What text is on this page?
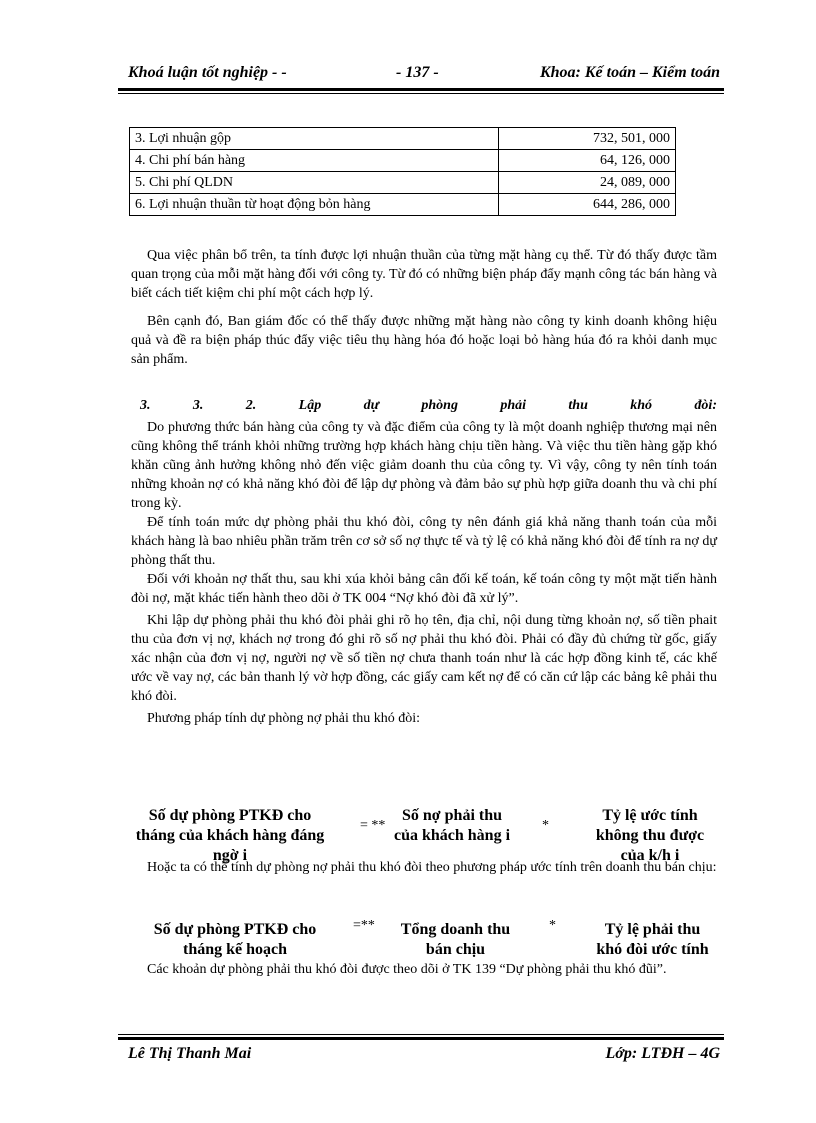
Khoá luận tốt nghiệp - -	- 137 -	Khoa: Kế toán – Kiểm toán
3. Lợi nhuận gộp	732, 501, 000
4. Chi phí bán hàng	64, 126, 000
5. Chi phí QLDN	24, 089, 000
6. Lợi nhuận thuần từ hoạt động bỏn hàng	644, 286, 000

Qua việc phân bổ trên, ta tính được lợi nhuận thuần của từng mặt hàng cụ thể. Từ đó thấy được tầm quan trọng của mỗi mặt hàng đối với công ty. Từ đó có những biện pháp đẩy mạnh công tác bán hàng và biết cách tiết kiệm chi phí một cách hợp lý.

Bên cạnh đó, Ban giám đốc có thể thấy được những mặt hàng nào công ty kinh doanh không hiệu quả và đề ra biện pháp thúc đẩy việc tiêu thụ hàng hóa đó hoặc loại bỏ hàng húa đó ra khỏi danh mục sản phẩm.

3. 3. 2. Lập dự phòng phải thu khó đòi:

Do phương thức bán hàng của công ty và đặc điểm của công ty là một doanh nghiệp thương mại nên cũng không thể tránh khỏi những trường hợp khách hàng chịu tiền hàng. Và việc thu tiền hàng gặp khó khăn cũng ảnh hưởng không nhỏ đến việc giảm doanh thu của công ty. Vì vậy, công ty nên tính toán những khoản nợ có khả năng khó đòi để lập dự phòng và đảm bảo sự phù hợp giữa doanh thu và chi phí trong kỳ.

Để tính toán mức dự phòng phải thu khó đòi, công ty nên đánh giá khả năng thanh toán của mỗi khách hàng là bao nhiêu phần trăm trên cơ sở số nợ thực tế và tỷ lệ có khả năng khó đòi để tính ra nợ dự phòng thất thu.

Đối với khoản nợ thất thu, sau khi xúa khỏi bảng cân đối kế toán, kế toán công ty một mặt tiến hành đòi nợ, mặt khác tiến hành theo dõi ở TK 004 “Nợ khó đòi đã xử lý”.

Khi lập dự phòng phải thu khó đòi phải ghi rõ họ tên, địa chỉ, nội dung từng khoản nợ, số tiền phait thu của đơn vị nợ, khách nợ trong đó ghi rõ số nợ phải thu khó đòi. Phải có đầy đủ chứng từ gốc, giấy xác nhận của đơn vị nợ, người nợ về số tiền nợ chưa thanh toán như là các hợp đồng kinh tế, các khế ước về vay nợ, các bản thanh lý vờ hợp đồng, các giấy cam kết nợ để có căn cứ lập các bảng kê phải thu khó đòi.

Phương pháp tính dự phòng nợ phải thu khó đòi:

Số dự phòng PTKĐ cho tháng của khách hàng đáng ngờ i
= **
Số nợ phải thu của khách hàng i
*
Tỷ lệ ước tính không thu được của k/h i

Hoặc ta có thể tính dự phòng nợ phải thu khó đòi theo phương pháp ước tính trên doanh thu bán chịu:

Số dự phòng PTKĐ cho tháng kế hoạch
=** Tổng doanh thu bán chịu
*	Tỷ lệ phải thu khó đòi ước tính

Các khoản dự phòng phải thu khó đòi được theo dõi ở TK 139 “Dự phòng phải thu khó đũi”.

Lê Thị Thanh Mai	Lớp: LTĐH – 4G
